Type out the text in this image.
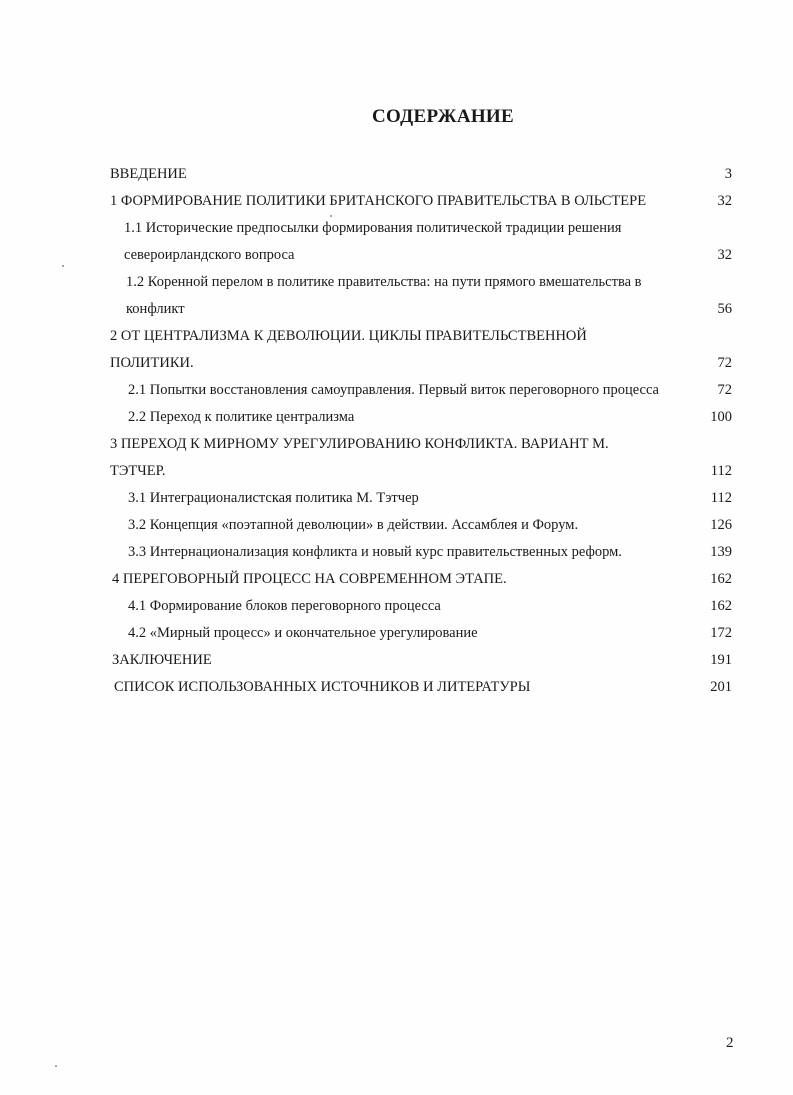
СОДЕРЖАНИЕ
ВВЕДЕНИЕ	3
1 ФОРМИРОВАНИЕ ПОЛИТИКИ БРИТАНСКОГО ПРАВИТЕЛЬСТВА В ОЛЬСТЕРЕ	32
1.1 Исторические предпосылки формирования политической традиции решения
североирландского вопроса	32
1.2 Коренной перелом в политике правительства: на пути прямого вмешательства в
конфликт	56
2 ОТ ЦЕНТРАЛИЗМА К ДЕВОЛЮЦИИ. ЦИКЛЫ ПРАВИТЕЛЬСТВЕННОЙ
ПОЛИТИКИ.	72
2.1 Попытки восстановления самоуправления. Первый виток переговорного процесса	72
2.2 Переход к политике централизма	100
3 ПЕРЕХОД К МИРНОМУ УРЕГУЛИРОВАНИЮ КОНФЛИКТА. ВАРИАНТ М.
ТЭТЧЕР.	112
3.1 Интеграционалистская политика М. Тэтчер	112
3.2 Концепция «поэтапной деволюции» в действии. Ассамблея и Форум.	126
3.3 Интернационализация конфликта и новый курс правительственных реформ.	139
4 ПЕРЕГОВОРНЫЙ ПРОЦЕСС НА СОВРЕМЕННОМ ЭТАПЕ.	162
4.1 Формирование блоков переговорного процесса	162
4.2 «Мирный процесс» и окончательное урегулирование	172
ЗАКЛЮЧЕНИЕ	191
СПИСОК ИСПОЛЬЗОВАННЫХ ИСТОЧНИКОВ И ЛИТЕРАТУРЫ	201
2
